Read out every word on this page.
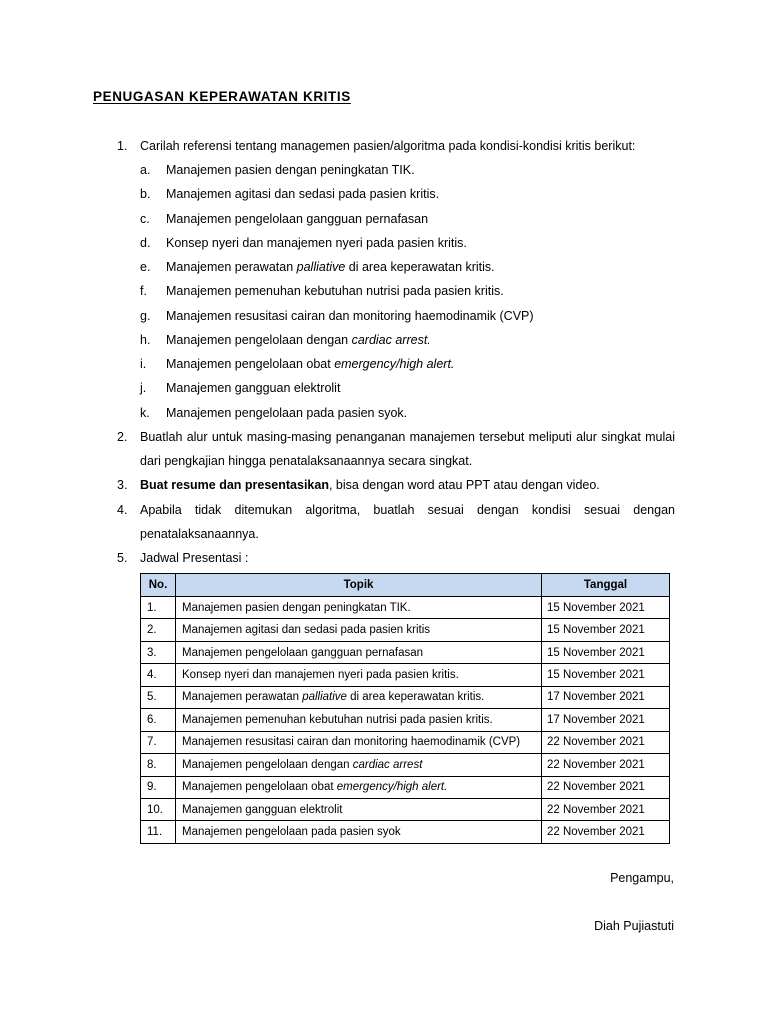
PENUGASAN KEPERAWATAN KRITIS
1.	Carilah referensi tentang managemen pasien/algoritma pada kondisi-kondisi kritis berikut:
a.	Manajemen pasien dengan peningkatan TIK.
b.	Manajemen agitasi dan sedasi pada pasien kritis.
c.	Manajemen pengelolaan gangguan pernafasan
d.	Konsep nyeri dan manajemen nyeri pada pasien kritis.
e.	Manajemen perawatan palliative di area keperawatan kritis.
f.	Manajemen pemenuhan kebutuhan nutrisi pada pasien kritis.
g.	Manajemen resusitasi cairan dan monitoring haemodinamik (CVP)
h.	Manajemen pengelolaan dengan cardiac arrest.
i.	Manajemen pengelolaan obat emergency/high alert.
j.	Manajemen gangguan elektrolit
k.	Manajemen pengelolaan pada pasien syok.
2.	Buatlah alur untuk masing-masing penanganan manajemen tersebut meliputi alur singkat mulai dari pengkajian hingga penatalaksanaannya secara singkat.
3.	Buat resume dan presentasikan, bisa dengan word atau PPT atau dengan video.
4.	Apabila tidak ditemukan algoritma, buatlah sesuai dengan kondisi sesuai dengan penatalaksanaannya.
5.	Jadwal Presentasi :
No.	Topik	Tanggal
1.	Manajemen pasien dengan peningkatan TIK.	15 November 2021
2.	Manajemen agitasi dan sedasi pada pasien kritis	15 November 2021
3.	Manajemen pengelolaan gangguan pernafasan	15 November 2021
4.	Konsep nyeri dan manajemen nyeri pada pasien kritis.	15 November 2021
5.	Manajemen perawatan palliative di area keperawatan kritis.	17 November 2021
6.	Manajemen pemenuhan kebutuhan nutrisi pada pasien kritis.	17 November 2021
7.	Manajemen resusitasi cairan dan monitoring haemodinamik (CVP)	22 November 2021
8.	Manajemen pengelolaan dengan cardiac arrest	22 November 2021
9.	Manajemen pengelolaan obat emergency/high alert.	22 November 2021
10.	Manajemen gangguan elektrolit	22 November 2021
11.	Manajemen pengelolaan pada pasien syok	22 November 2021
Pengampu,
Diah Pujiastuti
